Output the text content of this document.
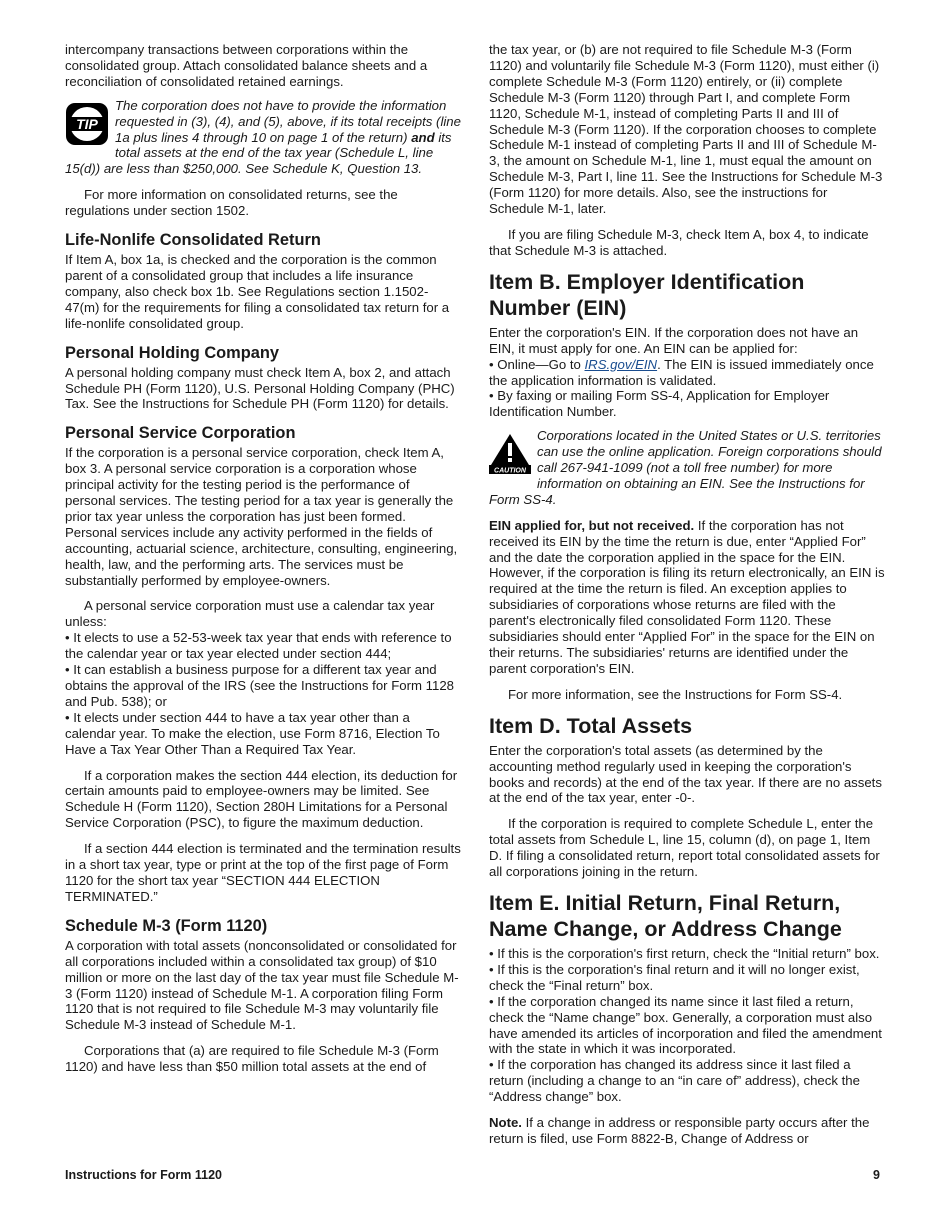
intercompany transactions between corporations within the consolidated group. Attach consolidated balance sheets and a reconciliation of consolidated retained earnings.

TIP
The corporation does not have to provide the information requested in (3), (4), and (5), above, if its total receipts (line 1a plus lines 4 through 10 on page 1 of the return) and its total assets at the end of the tax year (Schedule L, line 15(d)) are less than $250,000. See Schedule K, Question 13.

For more information on consolidated returns, see the regulations under section 1502.

Life-Nonlife Consolidated Return

If Item A, box 1a, is checked and the corporation is the common parent of a consolidated group that includes a life insurance company, also check box 1b. See Regulations section 1.1502-47(m) for the requirements for filing a consolidated tax return for a life-nonlife consolidated group.

Personal Holding Company

A personal holding company must check Item A, box 2, and attach Schedule PH (Form 1120), U.S. Personal Holding Company (PHC) Tax. See the Instructions for Schedule PH (Form 1120) for details.

Personal Service Corporation

If the corporation is a personal service corporation, check Item A, box 3. A personal service corporation is a corporation whose principal activity for the testing period is the performance of personal services. The testing period for a tax year is generally the prior tax year unless the corporation has just been formed. Personal services include any activity performed in the fields of accounting, actuarial science, architecture, consulting, engineering, health, law, and the performing arts. The services must be substantially performed by employee-owners.

A personal service corporation must use a calendar tax year unless:

• It elects to use a 52-53-week tax year that ends with reference to the calendar year or tax year elected under section 444;
• It can establish a business purpose for a different tax year and obtains the approval of the IRS (see the Instructions for Form 1128 and Pub. 538); or
• It elects under section 444 to have a tax year other than a calendar year. To make the election, use Form 8716, Election To Have a Tax Year Other Than a Required Tax Year.

If a corporation makes the section 444 election, its deduction for certain amounts paid to employee-owners may be limited. See Schedule H (Form 1120), Section 280H Limitations for a Personal Service Corporation (PSC), to figure the maximum deduction.

If a section 444 election is terminated and the termination results in a short tax year, type or print at the top of the first page of Form 1120 for the short tax year “SECTION 444 ELECTION TERMINATED.”

Schedule M-3 (Form 1120)

A corporation with total assets (nonconsolidated or consolidated for all corporations included within a consolidated tax group) of $10 million or more on the last day of the tax year must file Schedule M-3 (Form 1120) instead of Schedule M-1. A corporation filing Form 1120 that is not required to file Schedule M-3 may voluntarily file Schedule M-3 instead of Schedule M-1.

Corporations that (a) are required to file Schedule M-3 (Form 1120) and have less than $50 million total assets at the end of

the tax year, or (b) are not required to file Schedule M-3 (Form 1120) and voluntarily file Schedule M-3 (Form 1120), must either (i) complete Schedule M-3 (Form 1120) entirely, or (ii) complete Schedule M-3 (Form 1120) through Part I, and complete Form 1120, Schedule M-1, instead of completing Parts II and III of Schedule M-3 (Form 1120). If the corporation chooses to complete Schedule M-1 instead of completing Parts II and III of Schedule M-3, the amount on Schedule M-1, line 1, must equal the amount on Schedule M-3, Part I, line 11. See the Instructions for Schedule M-3 (Form 1120) for more details. Also, see the instructions for Schedule M-1, later.

If you are filing Schedule M-3, check Item A, box 4, to indicate that Schedule M-3 is attached.

Item B. Employer Identification Number (EIN)

Enter the corporation's EIN. If the corporation does not have an EIN, it must apply for one. An EIN can be applied for:

• Online—Go to IRS.gov/EIN. The EIN is issued immediately once the application information is validated.
• By faxing or mailing Form SS-4, Application for Employer Identification Number.
CAUTION
Corporations located in the United States or U.S. territories can use the online application. Foreign corporations should call 267-941-1099 (not a toll free number) for more information on obtaining an EIN. See the Instructions for Form SS-4.

EIN applied for, but not received. If the corporation has not received its EIN by the time the return is due, enter “Applied For” and the date the corporation applied in the space for the EIN. However, if the corporation is filing its return electronically, an EIN is required at the time the return is filed. An exception applies to subsidiaries of corporations whose returns are filed with the parent's electronically filed consolidated Form 1120. These subsidiaries should enter “Applied For” in the space for the EIN on their returns. The subsidiaries' returns are identified under the parent corporation's EIN.

For more information, see the Instructions for Form SS-4.

Item D. Total Assets

Enter the corporation's total assets (as determined by the accounting method regularly used in keeping the corporation's books and records) at the end of the tax year. If there are no assets at the end of the tax year, enter -0-.

If the corporation is required to complete Schedule L, enter the total assets from Schedule L, line 15, column (d), on page 1, Item D. If filing a consolidated return, report total consolidated assets for all corporations joining in the return.

Item E. Initial Return, Final Return, Name Change, or Address Change
• If this is the corporation's first return, check the “Initial return” box.
• If this is the corporation's final return and it will no longer exist, check the “Final return” box.
• If the corporation changed its name since it last filed a return, check the “Name change” box. Generally, a corporation must also have amended its articles of incorporation and filed the amendment with the state in which it was incorporated.
• If the corporation has changed its address since it last filed a return (including a change to an “in care of” address), check the “Address change” box.

Note. If a change in address or responsible party occurs after the return is filed, use Form 8822-B, Change of Address or

Instructions for Form 1120	9
